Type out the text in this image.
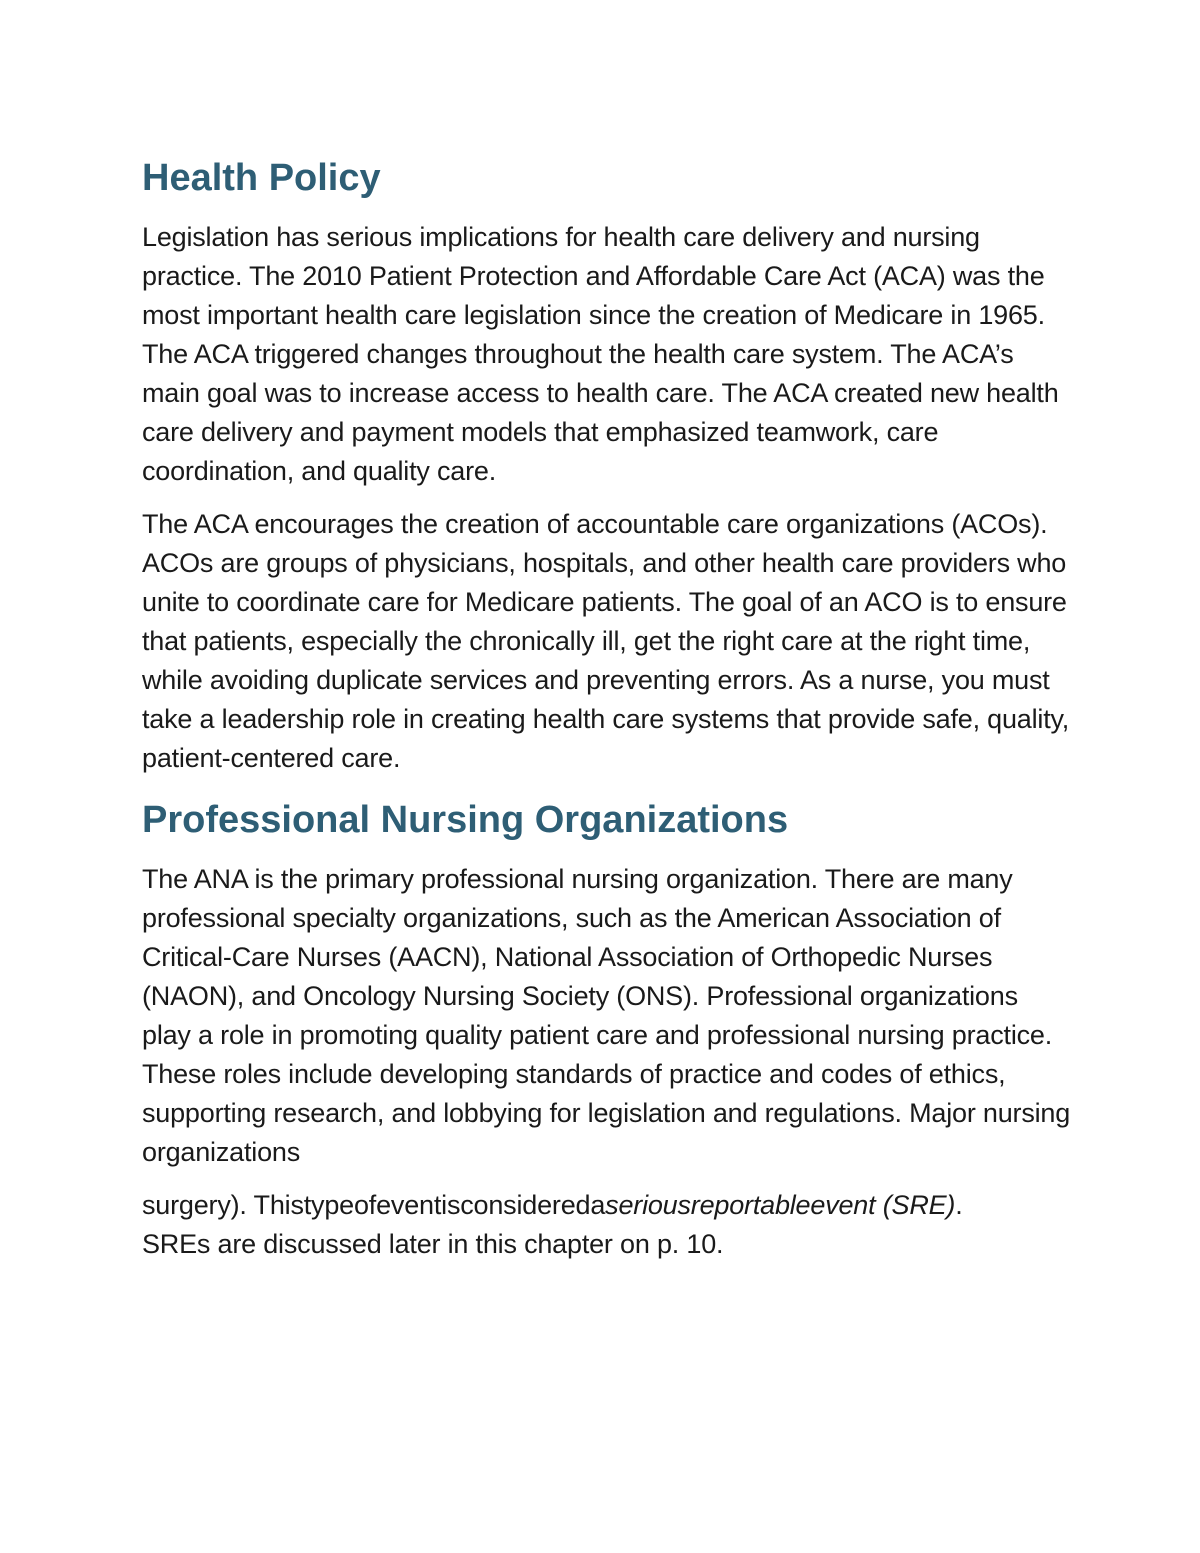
Health Policy

Legislation has serious implications for health care delivery and nursing practice. The 2010 Patient Protection and Affordable Care Act (ACA) was the most important health care legislation since the creation of Medicare in 1965. The ACA triggered changes throughout the health care system. The ACA’s main goal was to increase access to health care. The ACA created new health care delivery and payment models that emphasized teamwork, care coordination, and quality care.

The ACA encourages the creation of accountable care organizations (ACOs). ACOs are groups of physicians, hospitals, and other health care providers who unite to coordinate care for Medicare patients. The goal of an ACO is to ensure that patients, especially the chronically ill, get the right care at the right time, while avoiding duplicate services and preventing errors. As a nurse, you must take a leadership role in creating health care systems that provide safe, quality, patient-centered care.

Professional Nursing Organizations

The ANA is the primary professional nursing organization. There are many professional specialty organizations, such as the American Association of Critical-Care Nurses (AACN), National Association of Orthopedic Nurses (NAON), and Oncology Nursing Society (ONS). Professional organizations play a role in promoting quality patient care and professional nursing practice. These roles include developing standards of practice and codes of ethics, supporting research, and lobbying for legislation and regulations. Major nursing organizations

surgery). Thistypeofeventisconsideredaseriousreportableevent (SRE).
SREs are discussed later in this chapter on p. 10.
